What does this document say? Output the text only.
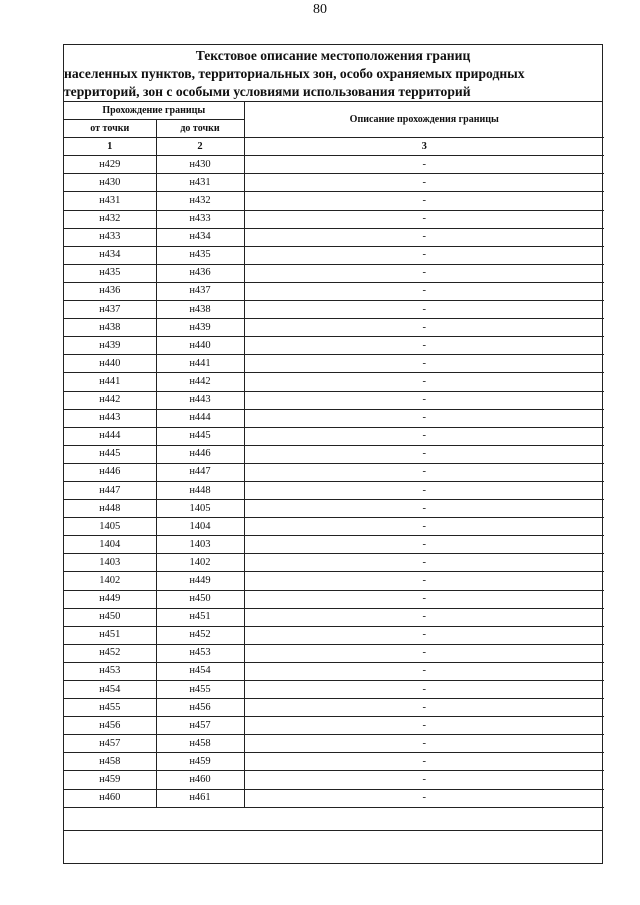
80
Текстовое описание местоположения границ
населенных пунктов, территориальных зон, особо охраняемых природных
территорий, зон с особыми условиями использования территорий
Прохождение границы		Описание прохождения границы
от точки	до точки	
1	2	3
н429	н430	-
н430	н431	-
н431	н432	-
н432	н433	-
н433	н434	-
н434	н435	-
н435	н436	-
н436	н437	-
н437	н438	-
н438	н439	-
н439	н440	-
н440	н441	-
н441	н442	-
н442	н443	-
н443	н444	-
н444	н445	-
н445	н446	-
н446	н447	-
н447	н448	-
н448	1405	-
1405	1404	-
1404	1403	-
1403	1402	-
1402	н449	-
н449	н450	-
н450	н451	-
н451	н452	-
н452	н453	-
н453	н454	-
н454	н455	-
н455	н456	-
н456	н457	-
н457	н458	-
н458	н459	-
н459	н460	-
н460	н461	-
